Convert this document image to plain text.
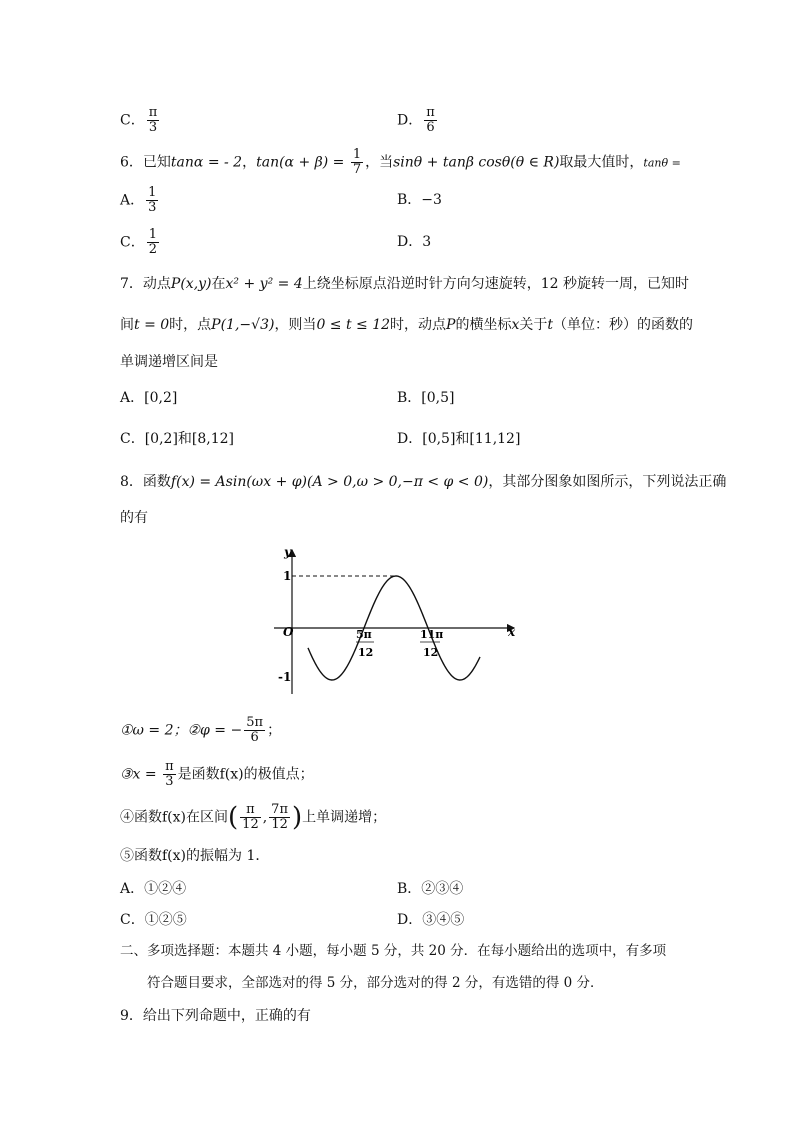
C． $\frac{\pi}{3}$	D． $\frac{\pi}{6}$
6．已知tanα = - 2，$\tan(\alpha + \beta) = \frac{1}{7}$ ，当sinθ + tanβ cosθ(θ ∈ R)取最大值时，tanθ =
A． $\frac{1}{3}$	B．−3
C． $\frac{1}{2}$	D．3
7．动点P(x,y)在x² + y² = 4上绕坐标原点沿逆时针方向匀速旋转，12 秒旋转一周，已知时
间t = 0时，点P(1,−√3)，则当0 ≤ t ≤ 12时，动点P的横坐标x关于t（单位：秒）的函数的
单调递增区间是
A．[0,2]	B．[0,5]
C．[0,2]和[8,12]	D．[0,5]和[11,12]
8．函数f(x) = Asin(ωx + φ)(A > 0,ω > 0,−π < φ < 0)，其部分图象如图所示，下列说法正确
的有
y
x
O
1
-1
5π
12
11π
12
①ω = 2；②φ = − $\frac{5\pi}{6}$ ；
③x = $\frac{\pi}{3}$ 是函数f(x)的极值点；
④函数f(x)在区间( $\frac{\pi}{12}$ , $\frac{7\pi}{12}$ )上单调递增；
⑤函数f(x)的振幅为 1．
A．①②④	B．②③④
C．①②⑤	D．③④⑤
二、多项选择题：本题共 4 小题，每小题 5 分，共 20 分．在每小题给出的选项中，有多项
符合题目要求，全部选对的得 5 分，部分选对的得 2 分，有选错的得 0 分．
9．给出下列命题中，正确的有
